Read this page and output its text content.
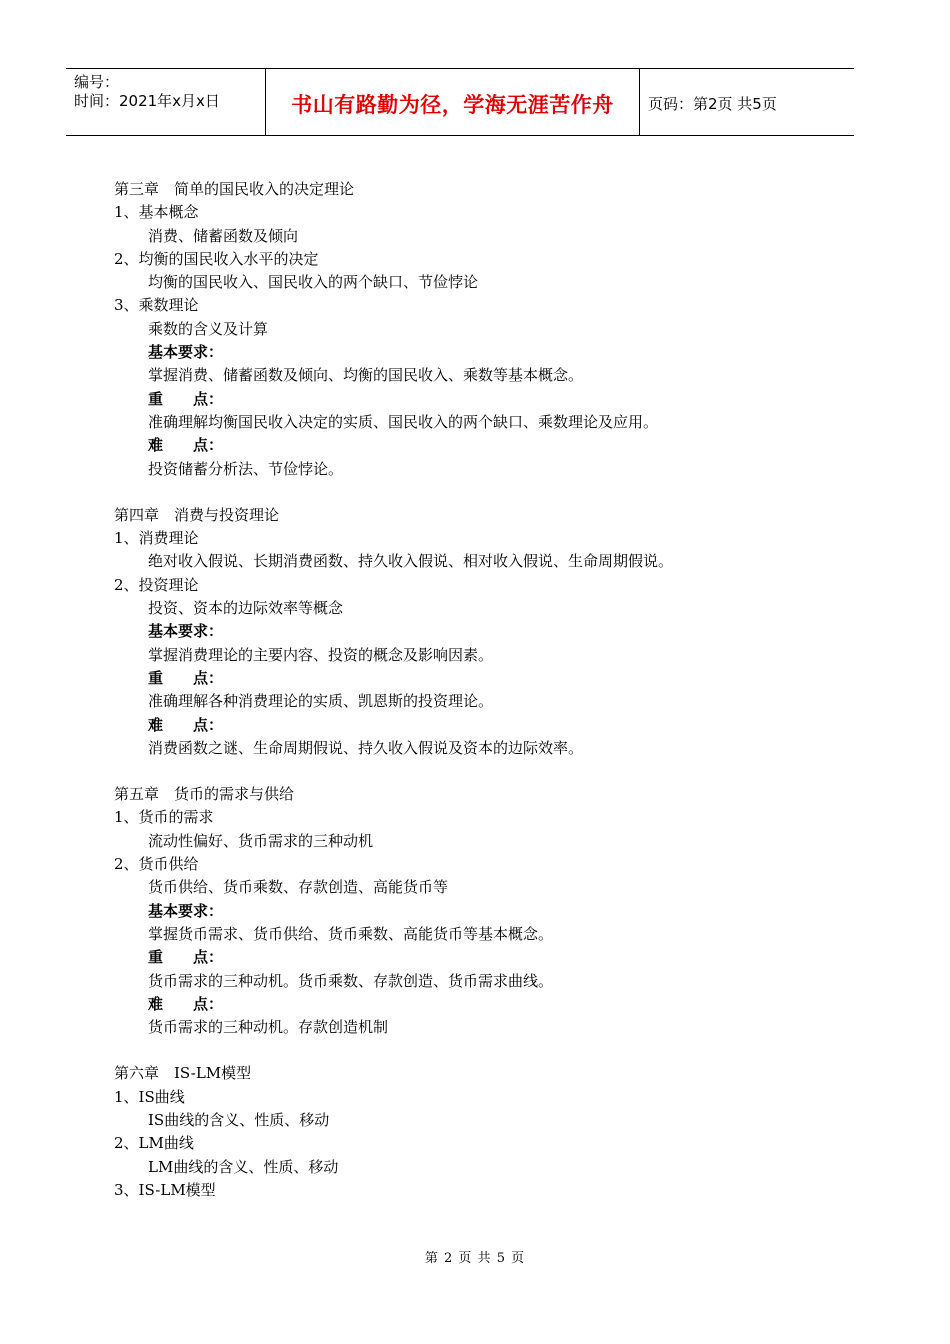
编号：
时间：2021年x月x日	书山有路勤为径，学海无涯苦作舟	页码：第2页 共5页
第三章　简单的国民收入的决定理论
1、基本概念
消费、储蓄函数及倾向
2、均衡的国民收入水平的决定
均衡的国民收入、国民收入的两个缺口、节俭悖论
3、乘数理论
乘数的含义及计算
基本要求：
掌握消费、储蓄函数及倾向、均衡的国民收入、乘数等基本概念。
重　　点：
准确理解均衡国民收入决定的实质、国民收入的两个缺口、乘数理论及应用。
难　　点：
投资储蓄分析法、节俭悖论。
第四章　消费与投资理论
1、消费理论
绝对收入假说、长期消费函数、持久收入假说、相对收入假说、生命周期假说。
2、投资理论
投资、资本的边际效率等概念
基本要求：
掌握消费理论的主要内容、投资的概念及影响因素。
重　　点：
准确理解各种消费理论的实质、凯恩斯的投资理论。
难　　点：
消费函数之谜、生命周期假说、持久收入假说及资本的边际效率。
第五章　货币的需求与供给
1、货币的需求
流动性偏好、货币需求的三种动机
2、货币供给
货币供给、货币乘数、存款创造、高能货币等
基本要求：
掌握货币需求、货币供给、货币乘数、高能货币等基本概念。
重　　点：
货币需求的三种动机。货币乘数、存款创造、货币需求曲线。
难　　点：
货币需求的三种动机。存款创造机制
第六章　IS-LM模型
1、IS曲线
IS曲线的含义、性质、移动
2、LM曲线
LM曲线的含义、性质、移动
3、IS-LM模型
第 2 页 共 5 页
